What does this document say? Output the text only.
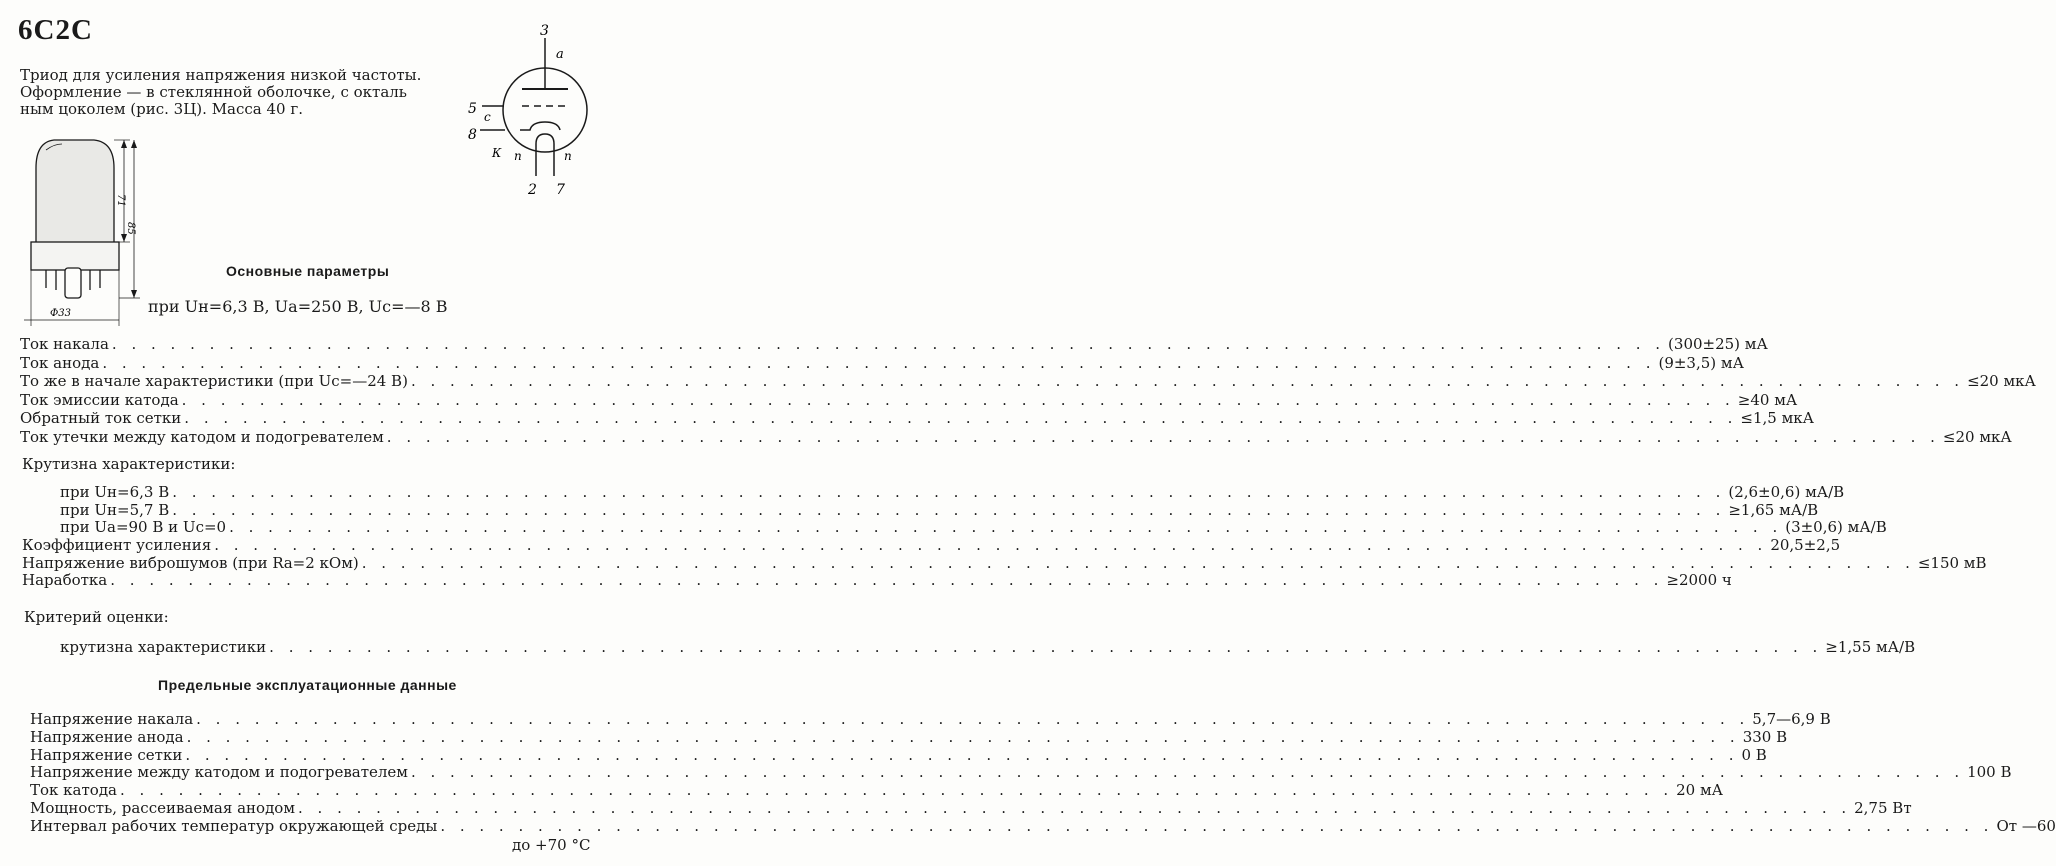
6С2С
Триод для усиления напряжения низкой частоты.
Оформление — в стеклянной оболочке, с окталь
ным цоколем (рис. 3Ц). Масса 40 г.
71
85
Ф33
3
а
5 с
8
К п	п
2 7
Основные параметры
при Uн=6,3 В, Uа=250 В, Uс=—8 В
Ток накала . . . . . . . . . . . . . . . . . . . . . . . . . . . . . . . . . . . . . . . . . . . . . . . . . . . . . . . . . . . . . . . . . . . . . . . . . . . . . . . . (300±25) мА
Ток анода . . . . . . . . . . . . . . . . . . . . . . . . . . . . . . . . . . . . . . . . . . . . . . . . . . . . . . . . . . . . . . . . . . . . . . . . . . . . . . . . (9±3,5) мА
То же в начале характеристики (при Uс=—24 В) . . . . . . . . . . . . . . . . . . . . . . . . . . . . . . . . . . . . . . . . . . . . . . . . . . . . . . . . . . . . . . . . . . . . . . . . . . . . . . . . ≤20 мкА
Ток эмиссии катода . . . . . . . . . . . . . . . . . . . . . . . . . . . . . . . . . . . . . . . . . . . . . . . . . . . . . . . . . . . . . . . . . . . . . . . . . . . . . . . . ≥40 мА
Обратный ток сетки . . . . . . . . . . . . . . . . . . . . . . . . . . . . . . . . . . . . . . . . . . . . . . . . . . . . . . . . . . . . . . . . . . . . . . . . . . . . . . . . ≤1,5 мкА
Ток утечки между катодом и подогревателем . . . . . . . . . . . . . . . . . . . . . . . . . . . . . . . . . . . . . . . . . . . . . . . . . . . . . . . . . . . . . . . . . . . . . . . . . . . . . . . . ≤20 мкА
Крутизна характеристики:
при Uн=6,3 В . . . . . . . . . . . . . . . . . . . . . . . . . . . . . . . . . . . . . . . . . . . . . . . . . . . . . . . . . . . . . . . . . . . . . . . . . . . . . . . . (2,6±0,6) мА/В
при Uн=5,7 В . . . . . . . . . . . . . . . . . . . . . . . . . . . . . . . . . . . . . . . . . . . . . . . . . . . . . . . . . . . . . . . . . . . . . . . . . . . . . . . . ≥1,65 мА/В
при Uа=90 В и Uс=0 . . . . . . . . . . . . . . . . . . . . . . . . . . . . . . . . . . . . . . . . . . . . . . . . . . . . . . . . . . . . . . . . . . . . . . . . . . . . . . . . (3±0,6) мА/В
Коэффициент усиления . . . . . . . . . . . . . . . . . . . . . . . . . . . . . . . . . . . . . . . . . . . . . . . . . . . . . . . . . . . . . . . . . . . . . . . . . . . . . . . . 20,5±2,5
Напряжение виброшумов (при Rа=2 кОм) . . . . . . . . . . . . . . . . . . . . . . . . . . . . . . . . . . . . . . . . . . . . . . . . . . . . . . . . . . . . . . . . . . . . . . . . . . . . . . . . ≤150 мВ
Наработка . . . . . . . . . . . . . . . . . . . . . . . . . . . . . . . . . . . . . . . . . . . . . . . . . . . . . . . . . . . . . . . . . . . . . . . . . . . . . . . . ≥2000 ч
Критерий оценки:
крутизна характеристики . . . . . . . . . . . . . . . . . . . . . . . . . . . . . . . . . . . . . . . . . . . . . . . . . . . . . . . . . . . . . . . . . . . . . . . . . . . . . . . . ≥1,55 мА/В
Предельные эксплуатационные данные
Напряжение накала . . . . . . . . . . . . . . . . . . . . . . . . . . . . . . . . . . . . . . . . . . . . . . . . . . . . . . . . . . . . . . . . . . . . . . . . . . . . . . . . 5,7—6,9 В
Напряжение анода . . . . . . . . . . . . . . . . . . . . . . . . . . . . . . . . . . . . . . . . . . . . . . . . . . . . . . . . . . . . . . . . . . . . . . . . . . . . . . . . 330 В
Напряжение сетки . . . . . . . . . . . . . . . . . . . . . . . . . . . . . . . . . . . . . . . . . . . . . . . . . . . . . . . . . . . . . . . . . . . . . . . . . . . . . . . . 0 В
Напряжение между катодом и подогревателем . . . . . . . . . . . . . . . . . . . . . . . . . . . . . . . . . . . . . . . . . . . . . . . . . . . . . . . . . . . . . . . . . . . . . . . . . . . . . . . . 100 В
Ток катода . . . . . . . . . . . . . . . . . . . . . . . . . . . . . . . . . . . . . . . . . . . . . . . . . . . . . . . . . . . . . . . . . . . . . . . . . . . . . . . . 20 мА
Мощность, рассеиваемая анодом . . . . . . . . . . . . . . . . . . . . . . . . . . . . . . . . . . . . . . . . . . . . . . . . . . . . . . . . . . . . . . . . . . . . . . . . . . . . . . . . 2,75 Вт
Интервал рабочих температур окружающей среды . . . . . . . . . . . . . . . . . . . . . . . . . . . . . . . . . . . . . . . . . . . . . . . . . . . . . . . . . . . . . . . . . . . . . . . . . . . . . . . . От —60
до +70 °С
